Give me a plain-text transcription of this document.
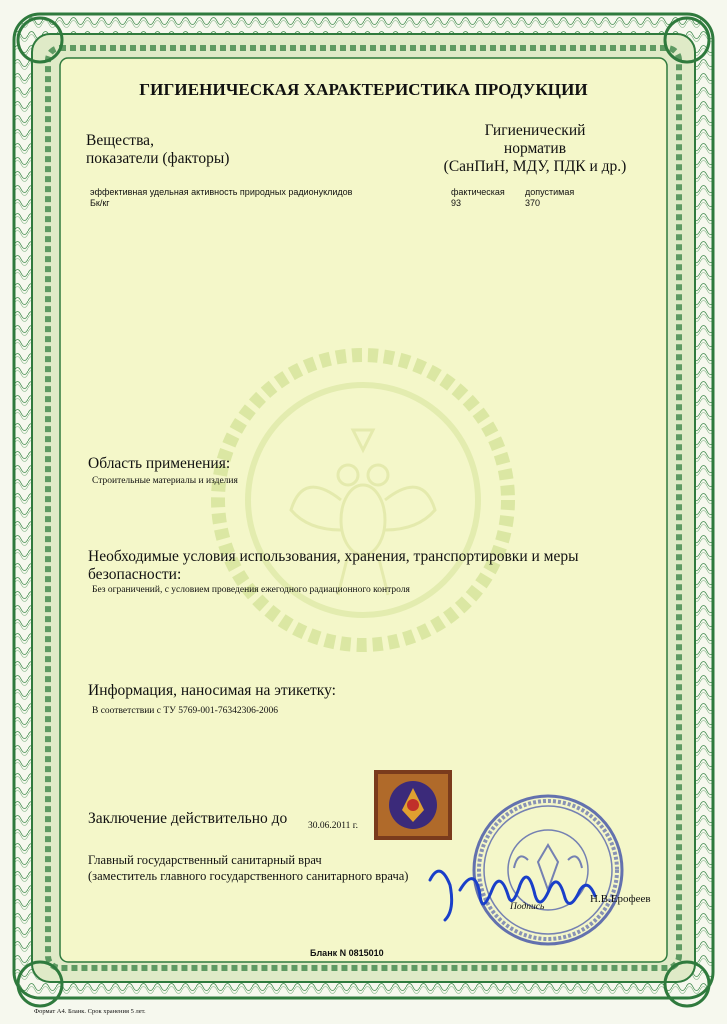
ГИГИЕНИЧЕСКАЯ ХАРАКТЕРИСТИКА ПРОДУКЦИИ
Вещества,
показатели (факторы)
Гигиенический
норматив
(СанПиН, МДУ, ПДК и др.)
эффективная удельная активность природных радионуклидов
Бк/кг
фактическая
93
допустимая
370
Область применения:
Строительные материалы и изделия
Необходимые условия использования, хранения, транспортировки и меры
безопасности:
Без ограничений, с условием проведения ежегодного радиационного контроля
Информация, наносимая на этикетку:
В соответствии с ТУ 5769-001-76342306-2006
Заключение действительно до 30.06.2011 г.
Главный государственный санитарный врач
(заместитель главного государственного санитарного врача)
Подпись
Н.В.Ерофеев
Бланк N 0815010
Формат А4. Бланк. Срок хранения 5 лет.
